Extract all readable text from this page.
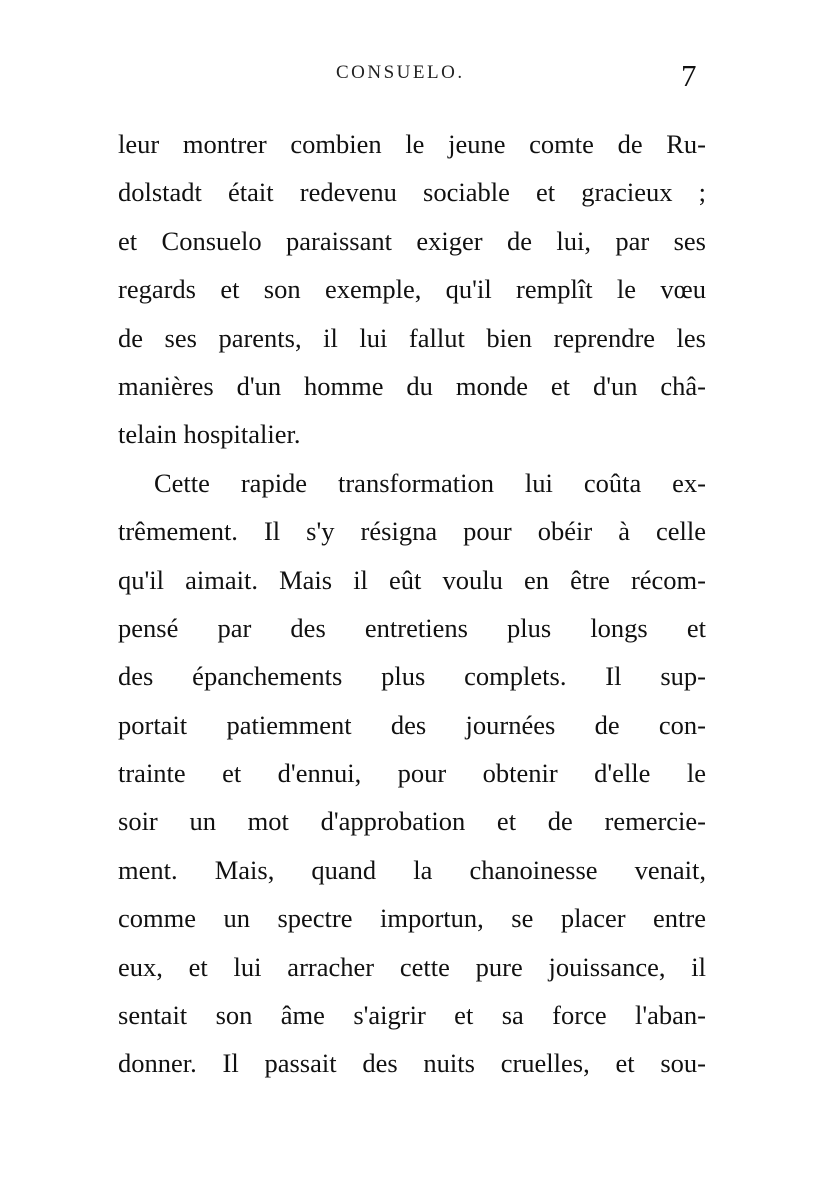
CONSUELO.	7
leur montrer combien le jeune comte de Ru-
dolstadt était redevenu sociable et gracieux ;
et Consuelo paraissant exiger de lui, par ses
regards et son exemple, qu'il remplît le vœu
de ses parents, il lui fallut bien reprendre les
manières d'un homme du monde et d'un châ-
telain hospitalier.
Cette rapide transformation lui coûta ex-
trêmement. Il s'y résigna pour obéir à celle
qu'il aimait. Mais il eût voulu en être récom-
pensé par des entretiens plus longs et
des épanchements plus complets. Il sup-
portait patiemment des journées de con-
trainte et d'ennui, pour obtenir d'elle le
soir un mot d'approbation et de remercie-
ment. Mais, quand la chanoinesse venait,
comme un spectre importun, se placer entre
eux, et lui arracher cette pure jouissance, il
sentait son âme s'aigrir et sa force l'aban-
donner. Il passait des nuits cruelles, et sou-
